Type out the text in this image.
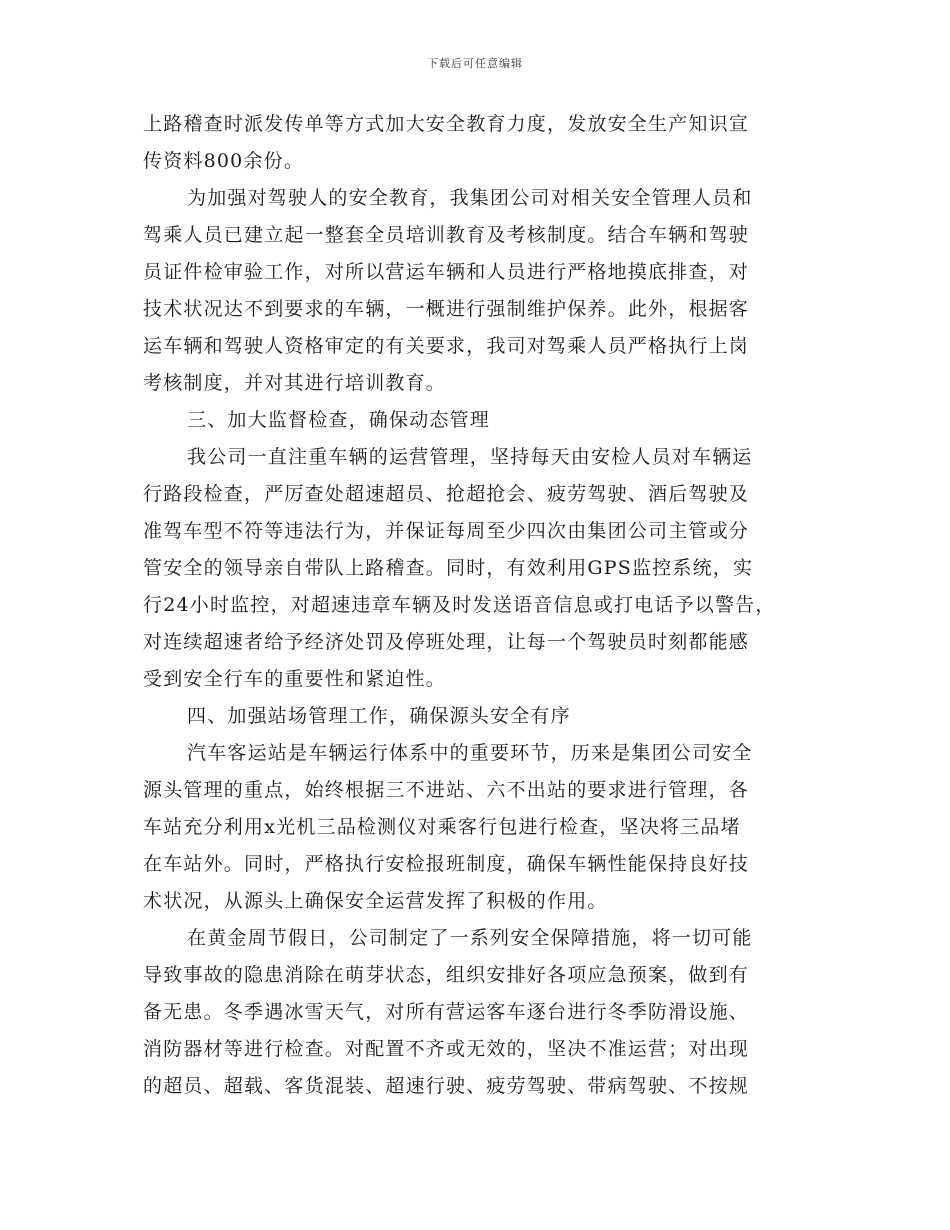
下载后可任意编辑
上路稽查时派发传单等方式加大安全教育力度，发放安全生产知识宣
传资料800余份。
为加强对驾驶人的安全教育，我集团公司对相关安全管理人员和
驾乘人员已建立起一整套全员培训教育及考核制度。结合车辆和驾驶
员证件检审验工作，对所以营运车辆和人员进行严格地摸底排查，对
技术状况达不到要求的车辆，一概进行强制维护保养。此外，根据客
运车辆和驾驶人资格审定的有关要求，我司对驾乘人员严格执行上岗
考核制度，并对其进行培训教育。
三、加大监督检查，确保动态管理
我公司一直注重车辆的运营管理，坚持每天由安检人员对车辆运
行路段检查，严厉查处超速超员、抢超抢会、疲劳驾驶、酒后驾驶及
准驾车型不符等违法行为，并保证每周至少四次由集团公司主管或分
管安全的领导亲自带队上路稽查。同时，有效利用GPS监控系统，实
行24小时监控，对超速违章车辆及时发送语音信息或打电话予以警告，
对连续超速者给予经济处罚及停班处理，让每一个驾驶员时刻都能感
受到安全行车的重要性和紧迫性。
四、加强站场管理工作，确保源头安全有序
汽车客运站是车辆运行体系中的重要环节，历来是集团公司安全
源头管理的重点，始终根据三不进站、六不出站的要求进行管理，各
车站充分利用x光机三品检测仪对乘客行包进行检查，坚决将三品堵
在车站外。同时，严格执行安检报班制度，确保车辆性能保持良好技
术状况，从源头上确保安全运营发挥了积极的作用。
在黄金周节假日，公司制定了一系列安全保障措施，将一切可能
导致事故的隐患消除在萌芽状态，组织安排好各项应急预案，做到有
备无患。冬季遇冰雪天气，对所有营运客车逐台进行冬季防滑设施、
消防器材等进行检查。对配置不齐或无效的，坚决不准运营；对出现
的超员、超载、客货混装、超速行驶、疲劳驾驶、带病驾驶、不按规
